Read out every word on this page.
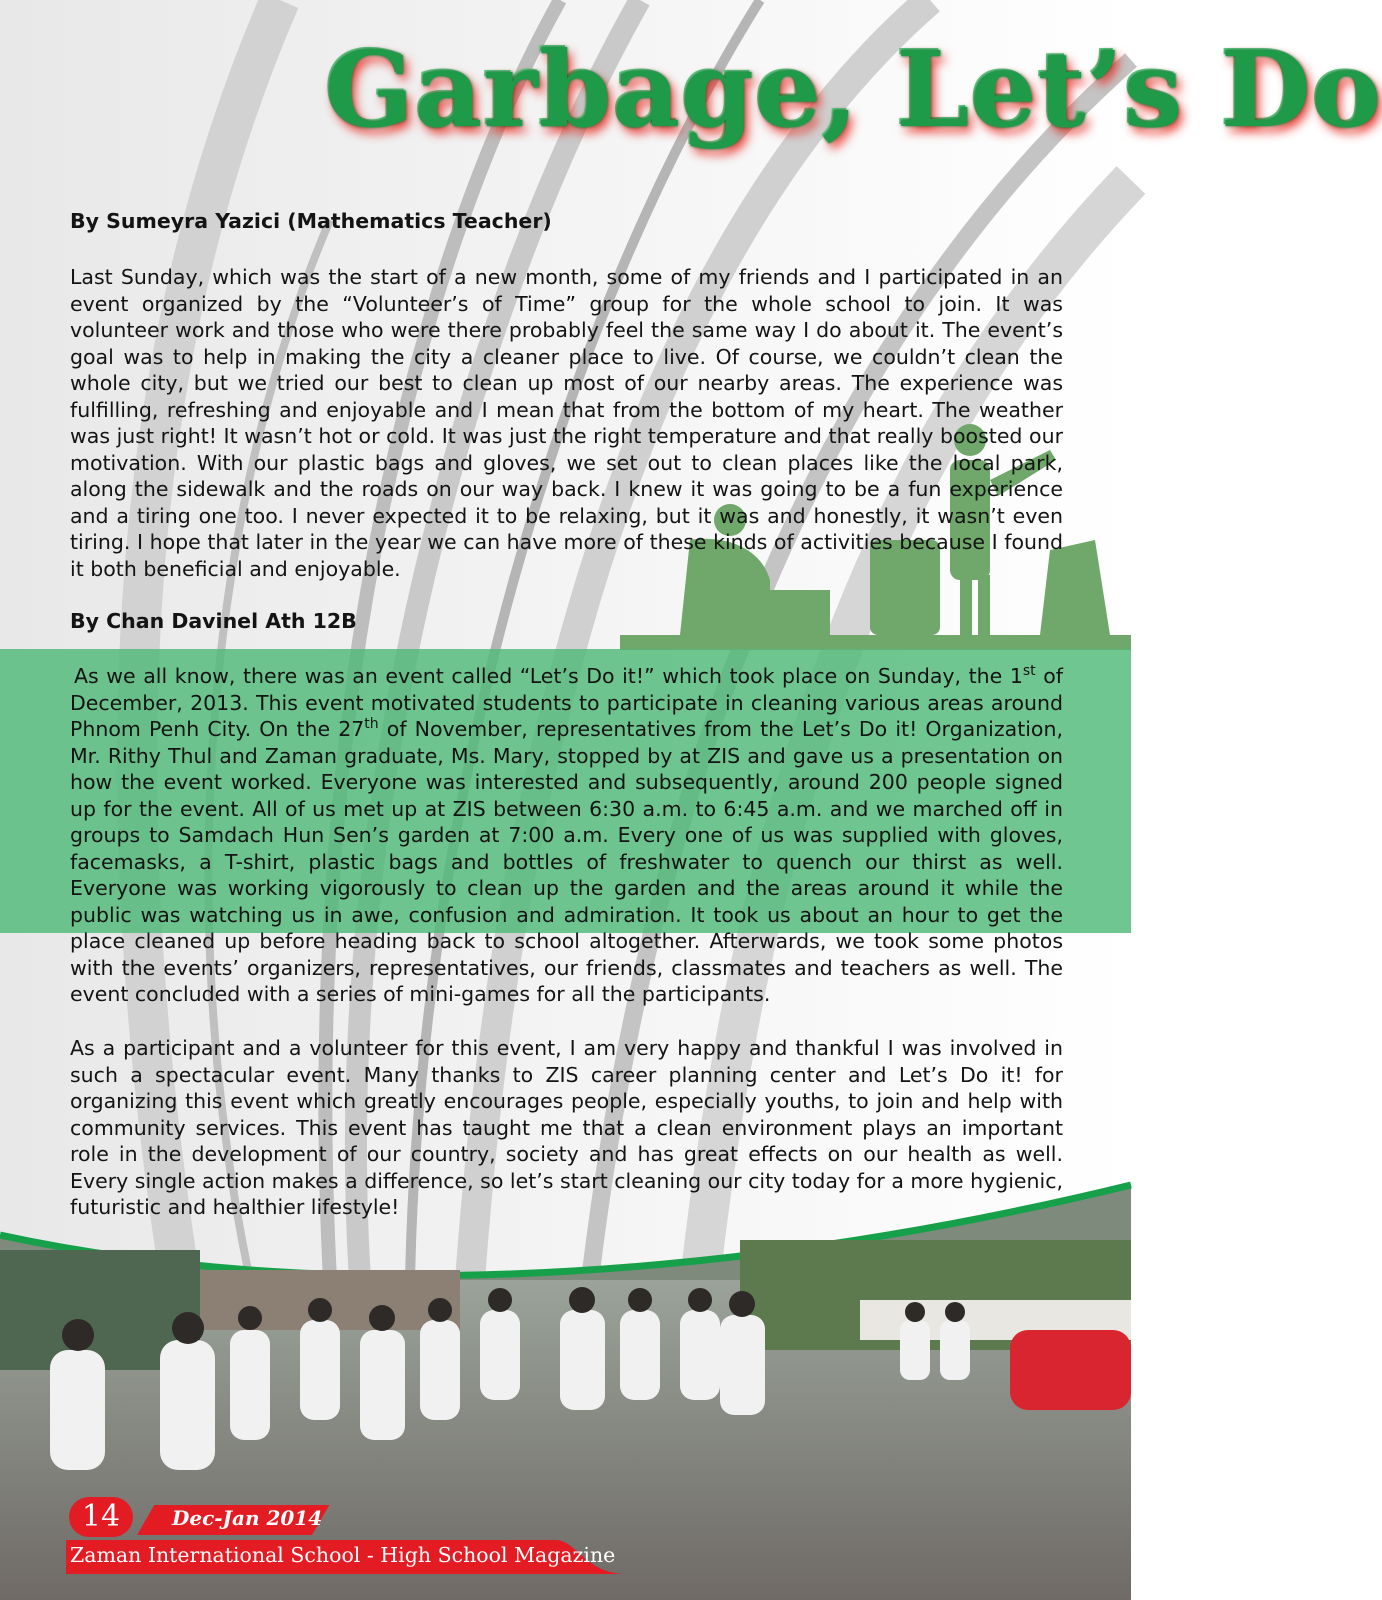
Garbage, Let’s Do
By Sumeyra Yazici (Mathematics Teacher)
Last Sunday, which was the start of a new month, some of my friends and I participated in an event organized by the “Volunteer’s of Time” group for the whole school to join. It was volunteer work and those who were there probably feel the same way I do about it. The event’s goal was to help in making the city a cleaner place to live. Of course, we couldn’t clean the whole city, but we tried our best to clean up most of our nearby areas. The experience was fulfilling, refreshing and enjoyable and I mean that from the bottom of my heart. The weather was just right! It wasn’t hot or cold. It was just the right temperature and that really boosted our motivation. With our plastic bags and gloves, we set out to clean places like the local park, along the sidewalk and the roads on our way back. I knew it was going to be a fun experience and a tiring one too. I never expected it to be relaxing, but it was and honestly, it wasn’t even tiring. I hope that later in the year we can have more of these kinds of activities because I found it both beneficial and enjoyable.
By Chan Davinel Ath 12B
As we all know, there was an event called “Let’s Do it!” which took place on Sunday, the 1st of December, 2013. This event motivated students to participate in cleaning various areas around Phnom Penh City. On the 27th of November, representatives from the Let’s Do it! Organization, Mr. Rithy Thul and Zaman graduate, Ms. Mary, stopped by at ZIS and gave us a presentation on how the event worked. Everyone was interested and subsequently, around 200 people signed up for the event. All of us met up at ZIS between 6:30 a.m. to 6:45 a.m. and we marched off in groups to Samdach Hun Sen’s garden at 7:00 a.m. Every one of us was supplied with gloves, facemasks, a T-shirt, plastic bags and bottles of freshwater to quench our thirst as well. Everyone was working vigorously to clean up the garden and the areas around it while the public was watching us in awe, confusion and admiration. It took us about an hour to get the place cleaned up before heading back to school altogether. Afterwards, we took some photos with the events’ organizers, representatives, our friends, classmates and teachers as well. The event concluded with a series of mini-games for all the participants.
As a participant and a volunteer for this event, I am very happy and thankful I was involved in such a spectacular event. Many thanks to ZIS career planning center and Let’s Do it! for organizing this event which greatly encourages people, especially youths, to join and help with community services. This event has taught me that a clean environment plays an important role in the development of our country, society and has great effects on our health as well. Every single action makes a difference, so let’s start cleaning our city today for a more hygienic, futuristic and healthier lifestyle!
14	Dec-Jan 2014
Zaman International School - High School Magazine
